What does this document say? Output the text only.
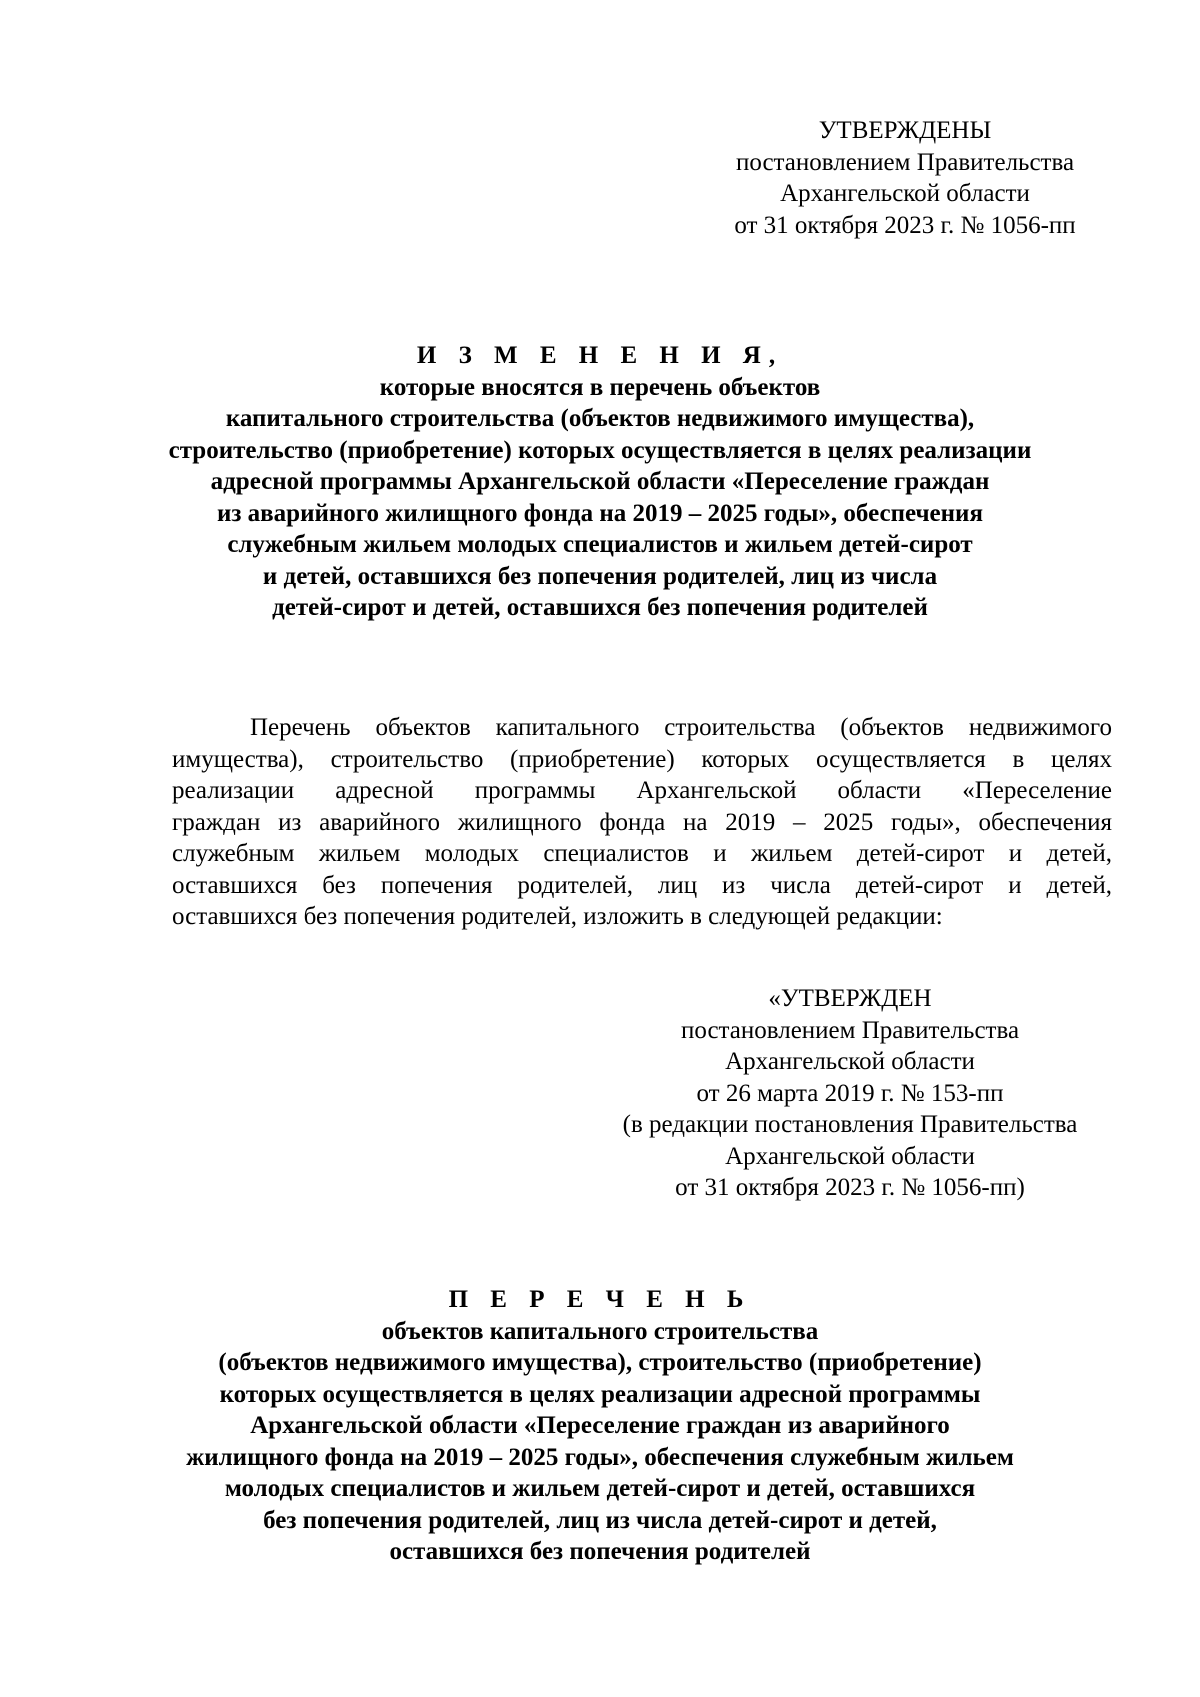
УТВЕРЖДЕНЫ
постановлением Правительства
Архангельской области
от 31 октября 2023 г. № 1056-пп
И З М Е Н Е Н И Я,
которые вносятся в перечень объектов
капитального строительства (объектов недвижимого имущества),
строительство (приобретение) которых осуществляется в целях реализации
адресной программы Архангельской области «Переселение граждан
из аварийного жилищного фонда на 2019 – 2025 годы», обеспечения
служебным жильем молодых специалистов и жильем детей-сирот
и детей, оставшихся без попечения родителей, лиц из числа
детей-сирот и детей, оставшихся без попечения родителей
Перечень объектов капитального строительства (объектов недвижимого
имущества), строительство (приобретение) которых осуществляется в целях
реализации адресной программы Архангельской области «Переселение
граждан из аварийного жилищного фонда на 2019 – 2025 годы», обеспечения
служебным жильем молодых специалистов и жильем детей-сирот и детей,
оставшихся без попечения родителей, лиц из числа детей-сирот и детей,
оставшихся без попечения родителей, изложить в следующей редакции:
«УТВЕРЖДЕН
постановлением Правительства
Архангельской области
от 26 марта 2019 г. № 153-пп
(в редакции постановления Правительства
Архангельской области
от 31 октября 2023 г. № 1056-пп)
П Е Р Е Ч Е Н Ь
объектов капитального строительства
(объектов недвижимого имущества), строительство (приобретение)
которых осуществляется в целях реализации адресной программы
Архангельской области «Переселение граждан из аварийного
жилищного фонда на 2019 – 2025 годы», обеспечения служебным жильем
молодых специалистов и жильем детей-сирот и детей, оставшихся
без попечения родителей, лиц из числа детей-сирот и детей,
оставшихся без попечения родителей
